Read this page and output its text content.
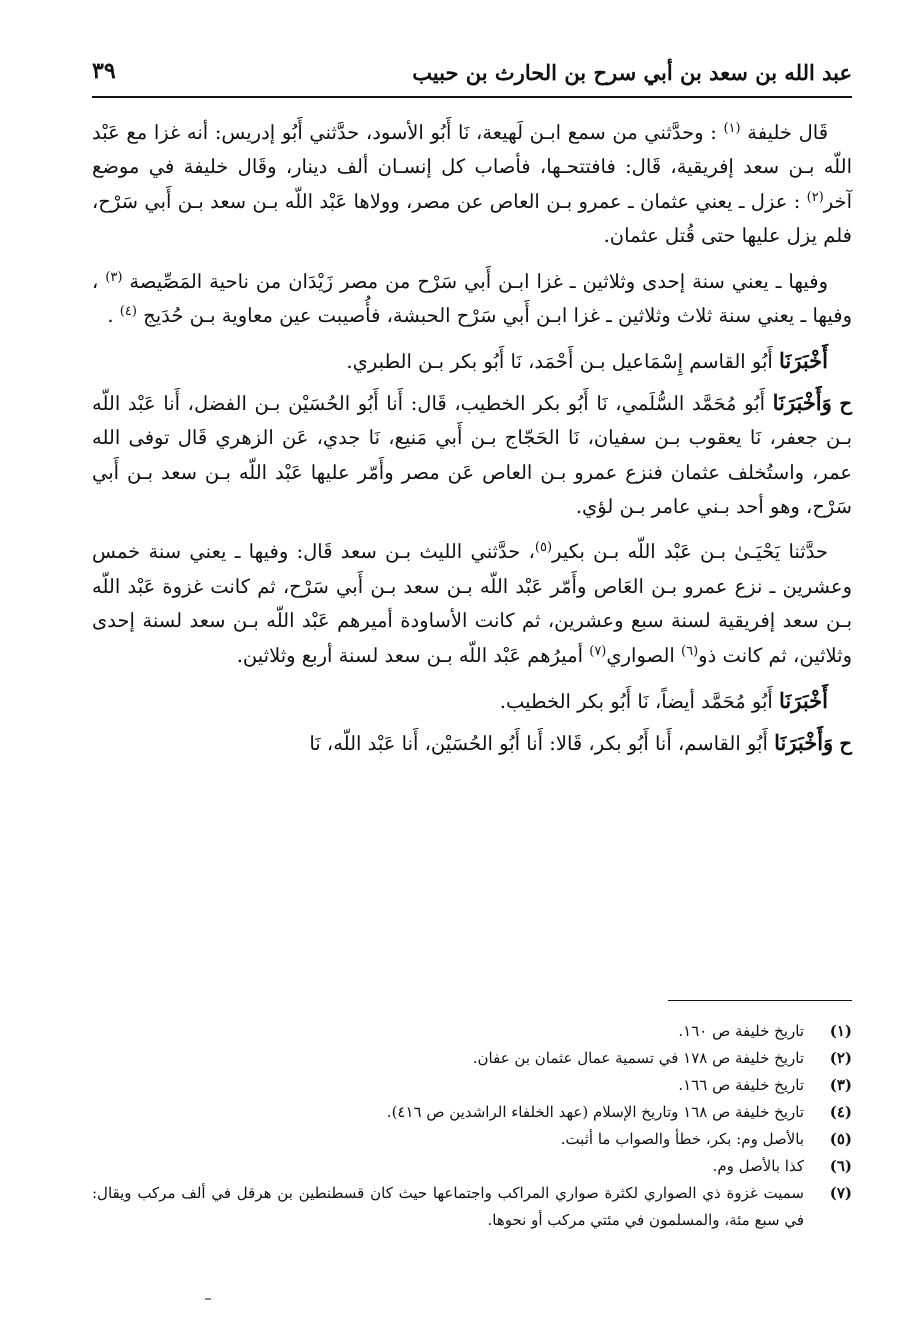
عبد الله بن سعد بن أبي سرح بن الحارث بن حبيب
٣٩

قَال خليفة $^{(١)}$ : وحدَّثني من سمع ابـن لَهيعة، نَا أَبُو الأسود، حدَّثني أَبُو إدريس: أنه غزا مع عَبْد اللّه بـن سعد إفريقية، قَال: فافتتحـها، فأصاب كل إنسـان ألف دينار، وقَال خليفة في موضع آخر$^{(٢)}$ : عزل ـ يعني عثمان ـ عمرو بـن العاص عن مصر، وولاها عَبْد اللّه بـن سعد بـن أَبي سَرْح، فلم يزل عليها حتى قُتل عثمان.

وفيها ـ يعني سنة إحدى وثلاثين ـ غزا ابـن أَبي سَرْح من مصر زَيْدَان من ناحية المَصِّيصة $^{(٣)}$ ، وفيها ـ يعني سنة ثلاث وثلاثين ـ غزا ابـن أَبي سَرْح الحبشة، فأُصيبت عين معاوية بـن حُدَيج $^{(٤)}$ .

أَخْبَرَنَا أَبُو القاسم إِسْمَاعيل بـن أَحْمَد، نَا أَبُو بكر بـن الطبري.

ح وَأَخْبَرَنَا أَبُو مُحَمَّد السُّلَمي، نَا أَبُو بكر الخطيب، قَال: أَنا أَبُو الحُسَيْن بـن الفضل، أَنا عَبْد اللّه بـن جعفر، نَا يعقوب بـن سفيان، نَا الحَجّاج بـن أَبي مَنيع، نَا جدي، عَن الزهري قَال توفى الله عمر، واستُخلف عثمان فنزع عمرو بـن العاص عَن مصر وأَمّر عليها عَبْد اللّه بـن سعد بـن أَبي سَرْح، وهو أحد بـني عامر بـن لؤي.

حدَّثنا يَحْيَـىٰ بـن عَبْد اللّه بـن بكير$^{(٥)}$، حدَّثني الليث بـن سعد قَال: وفيها ـ يعني سنة خمس وعشرين ـ نزع عمرو بـن العَاص وأَمّر عَبْد اللّه بـن سعد بـن أَبي سَرْح، ثم كانت غزوة عَبْد اللّه بـن سعد إفريقية لسنة سبع وعشرين، ثم كانت الأساودة أميرهم عَبْد اللّه بـن سعد لسنة إحدى وثلاثين، ثم كانت ذو$^{(٦)}$ الصواري$^{(٧)}$ أميرُهم عَبْد اللّه بـن سعد لسنة أربع وثلاثين.

أَخْبَرَنَا أَبُو مُحَمَّد أيضاً، نَا أَبُو بكر الخطيب.

ح وَأَخْبَرَنَا أَبُو القاسم، أَنا أَبُو بكر، قَالا: أَنا أَبُو الحُسَيْن، أَنا عَبْد اللّه، نَا

(١)
تاريخ خليفة ص ١٦٠.
(٢)
تاريخ خليفة ص ١٧٨ في تسمية عمال عثمان بن عفان.
(٣)
تاريخ خليفة ص ١٦٦.
(٤)
تاريخ خليفة ص ١٦٨ وتاريخ الإسلام (عهد الخلفاء الراشدين ص ٤١٦).
(٥)
بالأصل وم: بكر، خطأ والصواب ما أثبت.
(٦)
كذا بالأصل وم.
(٧)
سميت غزوة ذي الصواري لكثرة صواري المراكب واجتماعها حيث كان قسطنطين بن هرقل في ألف مركب ويقال: في سبع مئة، والمسلمون في مئتي مركب أو نحوها.
